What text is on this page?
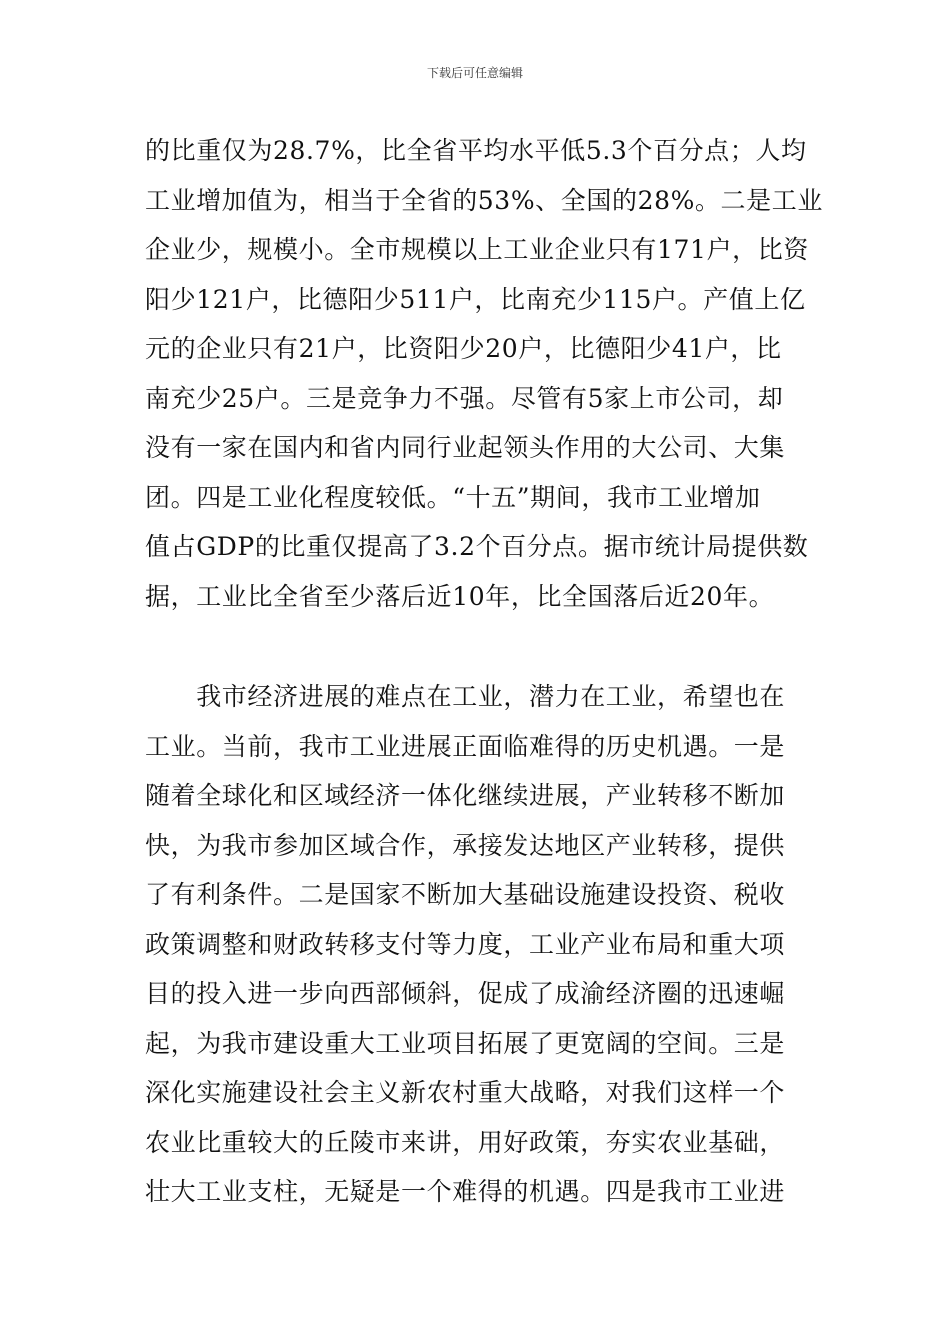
下载后可任意编辑
的比重仅为28.7%，比全省平均水平低5.3个百分点；人均
工业增加值为，相当于全省的53%、全国的28%。二是工业
企业少，规模小。全市规模以上工业企业只有171户，比资
阳少121户，比德阳少511户，比南充少115户。产值上亿
元的企业只有21户，比资阳少20户，比德阳少41户，比
南充少25户。三是竞争力不强。尽管有5家上市公司，却
没有一家在国内和省内同行业起领头作用的大公司、大集
团。四是工业化程度较低。“十五”期间，我市工业增加
值占GDP的比重仅提高了3.2个百分点。据市统计局提供数
据，工业比全省至少落后近10年，比全国落后近20年。
　　我市经济进展的难点在工业，潜力在工业，希望也在
工业。当前，我市工业进展正面临难得的历史机遇。一是
随着全球化和区域经济一体化继续进展，产业转移不断加
快，为我市参加区域合作，承接发达地区产业转移，提供
了有利条件。二是国家不断加大基础设施建设投资、税收
政策调整和财政转移支付等力度，工业产业布局和重大项
目的投入进一步向西部倾斜，促成了成渝经济圈的迅速崛
起，为我市建设重大工业项目拓展了更宽阔的空间。三是
深化实施建设社会主义新农村重大战略，对我们这样一个
农业比重较大的丘陵市来讲，用好政策，夯实农业基础，
壮大工业支柱，无疑是一个难得的机遇。四是我市工业进
